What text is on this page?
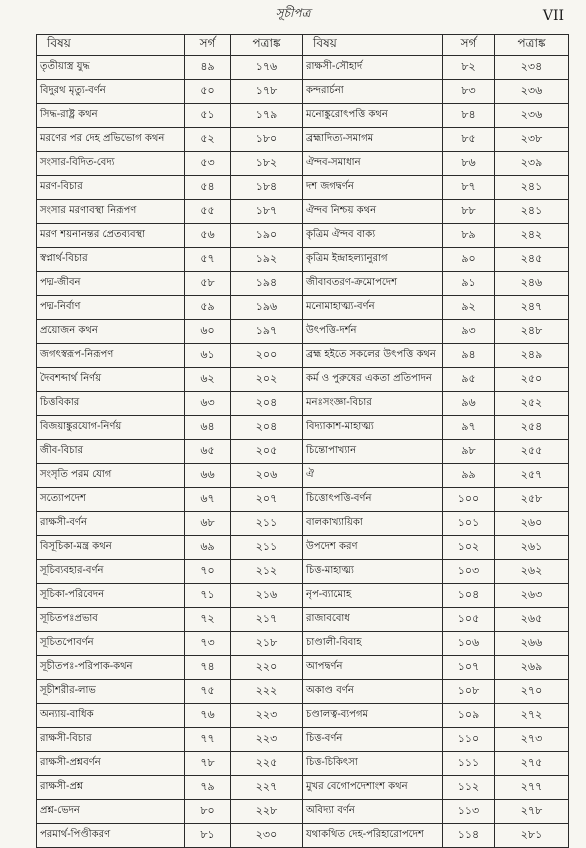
সূচীপত্র	VII
বিষয়	সর্গ	পত্রাঙ্ক	বিষয়	সর্গ	পত্রাঙ্ক
তৃতীয়াস্ত্র যুদ্ধ	৪৯	১৭৬	রাক্ষসী-সৌহার্দ	৮২	২৩৪
বিদুরথ মৃত্যু-বর্ণন	৫০	১৭৮	কন্দরার্চনা	৮৩	২৩৬
সিদ্ধ-রাষ্ট্র কথন	৫১	১৭৯	মনোঙ্কুরোৎপত্তি কথন	৮৪	২৩৬
মরণের পর দেহ প্রভিভোগ কথন	৫২	১৮০	ব্রহ্মাদিত্য-সমাগম	৮৫	২৩৮
সংসার-বিদিত-বেদ্য	৫৩	১৮২	ঐন্দব-সমাধান	৮৬	২৩৯
মরণ-বিচার	৫৪	১৮৪	দশ জগদ্বর্ণন	৮৭	২৪১
সংসার মরণাবস্থা নিরূপণ	৫৫	১৮৭	ঐন্দব নিশ্চয় কথন	৮৮	২৪১
মরণ শয়নানন্তর প্রেতব্যবস্থা	৫৬	১৯০	কৃত্রিম ঐন্দব বাক্য	৮৯	২৪২
স্বপ্নার্থ-বিচার	৫৭	১৯২	কৃত্রিম ইন্দ্রাহল্যানুরাগ	৯০	২৪৫
পদ্ম-জীবন	৫৮	১৯৪	জীবাবতরণ-ক্রমোপদেশ	৯১	২৪৬
পদ্ম-নির্বাণ	৫৯	১৯৬	মনোমাহাত্ম্য-বর্ণন	৯২	২৪৭
প্রয়োজন কথন	৬০	১৯৭	উৎপত্তি-দর্শন	৯৩	২৪৮
জগৎস্বরূপ-নিরূপণ	৬১	২০০	ব্রহ্ম হইতে সকলের উৎপত্তি কথন	৯৪	২৪৯
দৈবশব্দার্থ নির্ণয়	৬২	২০২	কর্ম ও পুরুষের একতা প্রতিপাদন	৯৫	২৫০
চিত্তবিকার	৬৩	২০৪	মনঃসংজ্ঞা-বিচার	৯৬	২৫২
বিজয়াঙ্কুরযোগ-নির্ণয়	৬৪	২০৪	বিদ্যাকাশ-মাহাত্ম্য	৯৭	২৫৪
জীব-বিচার	৬৫	২০৫	চিন্তোপাখ্যান	৯৮	২৫৫
সংসৃতি পরম যোগ	৬৬	২০৬	ঐ	৯৯	২৫৭
সত্যোপদেশ	৬৭	২০৭	চিত্তোৎপত্তি-বর্ণন	১০০	২৫৮
রাক্ষসী-বর্ণন	৬৮	২১১	বালকাখ্যায়িকা	১০১	২৬০
বিসূচিকা-মন্ত্র কথন	৬৯	২১১	উপদেশ করণ	১০২	২৬১
সূচিব্যবহার-বর্ণন	৭০	২১২	চিত্ত-মাহাত্ম্য	১০৩	২৬২
সূচিকা-পরিবেদন	৭১	২১৬	নৃপ-ব্যামোহ	১০৪	২৬৩
সূচিতপঃপ্রভাব	৭২	২১৭	রাজাববোধ	১০৫	২৬৫
সূচিতপোবর্ণন	৭৩	২১৮	চাণ্ডালী-বিবাহ	১০৬	২৬৬
সূচীতপঃ-পরিপাক-কথন	৭৪	২২০	আপদ্বর্ণন	১০৭	২৬৯
সূচীশরীর-লাভ	৭৫	২২২	অকাণ্ড বর্ণন	১০৮	২৭০
অন্যায়-বাধিক	৭৬	২২৩	চণ্ডালত্ব-ব্যপগম	১০৯	২৭২
রাক্ষসী-বিচার	৭৭	২২৩	চিত্ত-বর্ণন	১১০	২৭৩
রাক্ষসী-প্রশ্নবর্ণন	৭৮	২২৫	চিত্ত-চিকিৎসা	১১১	২৭৫
রাক্ষসী-প্রশ্ন	৭৯	২২৭	মুখর বেগোপদেশাংশ কথন	১১২	২৭৭
প্রশ্ন-ভেদন	৮০	২২৮	অবিদ্যা বর্ণন	১১৩	২৭৮
পরমার্থ-পিণ্ডীকরণ	৮১	২৩০	যথাকথিত দেহ-পরিহারোপদেশ	১১৪	২৮১
